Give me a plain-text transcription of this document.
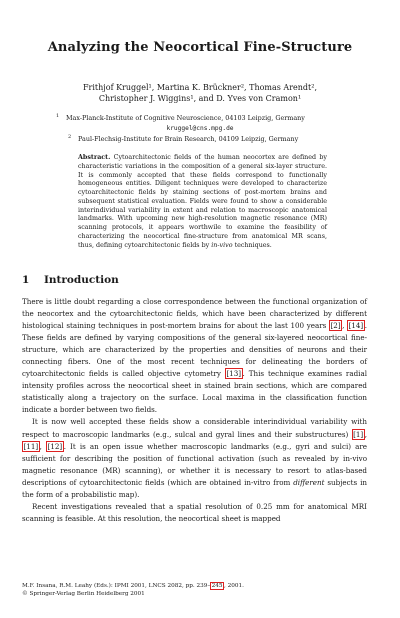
Analyzing the Neocortical Fine-Structure
Frithjof Kruggel¹, Martina K. Brückner², Thomas Arendt²,
Christopher J. Wiggins¹, and D. Yves von Cramon¹
1 Max-Planck-Institute of Cognitive Neuroscience, 04103 Leipzig, Germany
kruggel@cns.mpg.de
2 Paul-Flechsig-Institute for Brain Research, 04109 Leipzig, Germany
Abstract. Cytoarchitectonic fields of the human neocortex are defined by characteristic variations in the composition of a general six-layer structure. It is commonly accepted that these fields correspond to functionally homogeneous entities. Diligent techniques were developed to characterize cytoarchitectonic fields by staining sections of post-mortem brains and subsequent statistical evaluation. Fields were found to show a considerable interindividual variability in extent and relation to macroscopic anatomical landmarks. With upcoming new high-resolution magnetic resonance (MR) scanning protocols, it appears worthwile to examine the feasibility of characterizing the neocortical fine-structure from anatomical MR scans, thus, defining cytoarchitectonic fields by in-vivo techniques.
1 Introduction

There is little doubt regarding a close correspondence between the functional organization of the neocortex and the cytoarchitectonic fields, which have been characterized by different histological staining techniques in post-mortem brains for about the last 100 years [2] , [14] . These fields are defined by varying compositions of the general six-layered neocortical fine-structure, which are characterized by the properties and densities of neurons and their connecting fibers. One of the most recent techniques for delineating the borders of cytoarchitectonic fields is called objective cytometry [13] . This technique examines radial intensity profiles across the neocortical sheet in stained brain sections, which are compared statistically along a trajectory on the surface. Local maxima in the classification function indicate a border between two fields.

It is now well accepted these fields show a considerable interindividual variability with respect to macroscopic landmarks (e.g., sulcal and gyral lines and their substructures) [1] , [11] , [12] . It is an open issue whether macroscopic landmarks (e.g., gyri and sulci) are sufficient for describing the position of functional activation (such as revealed by in-vivo magnetic resonance (MR) scanning), or whether it is necessary to resort to atlas-based descriptions of cytoarchitectonic fields (which are obtained in-vitro from different subjects in the form of a probabilistic map).

Recent investigations revealed that a spatial resolution of 0.25 mm for anatomical MRI scanning is feasible. At this resolution, the neocortical sheet is mapped

M.F. Insana, R.M. Leahy (Eds.): IPMI 2001, LNCS 2082, pp. 239– 245 , 2001.
© Springer-Verlag Berlin Heidelberg 2001
